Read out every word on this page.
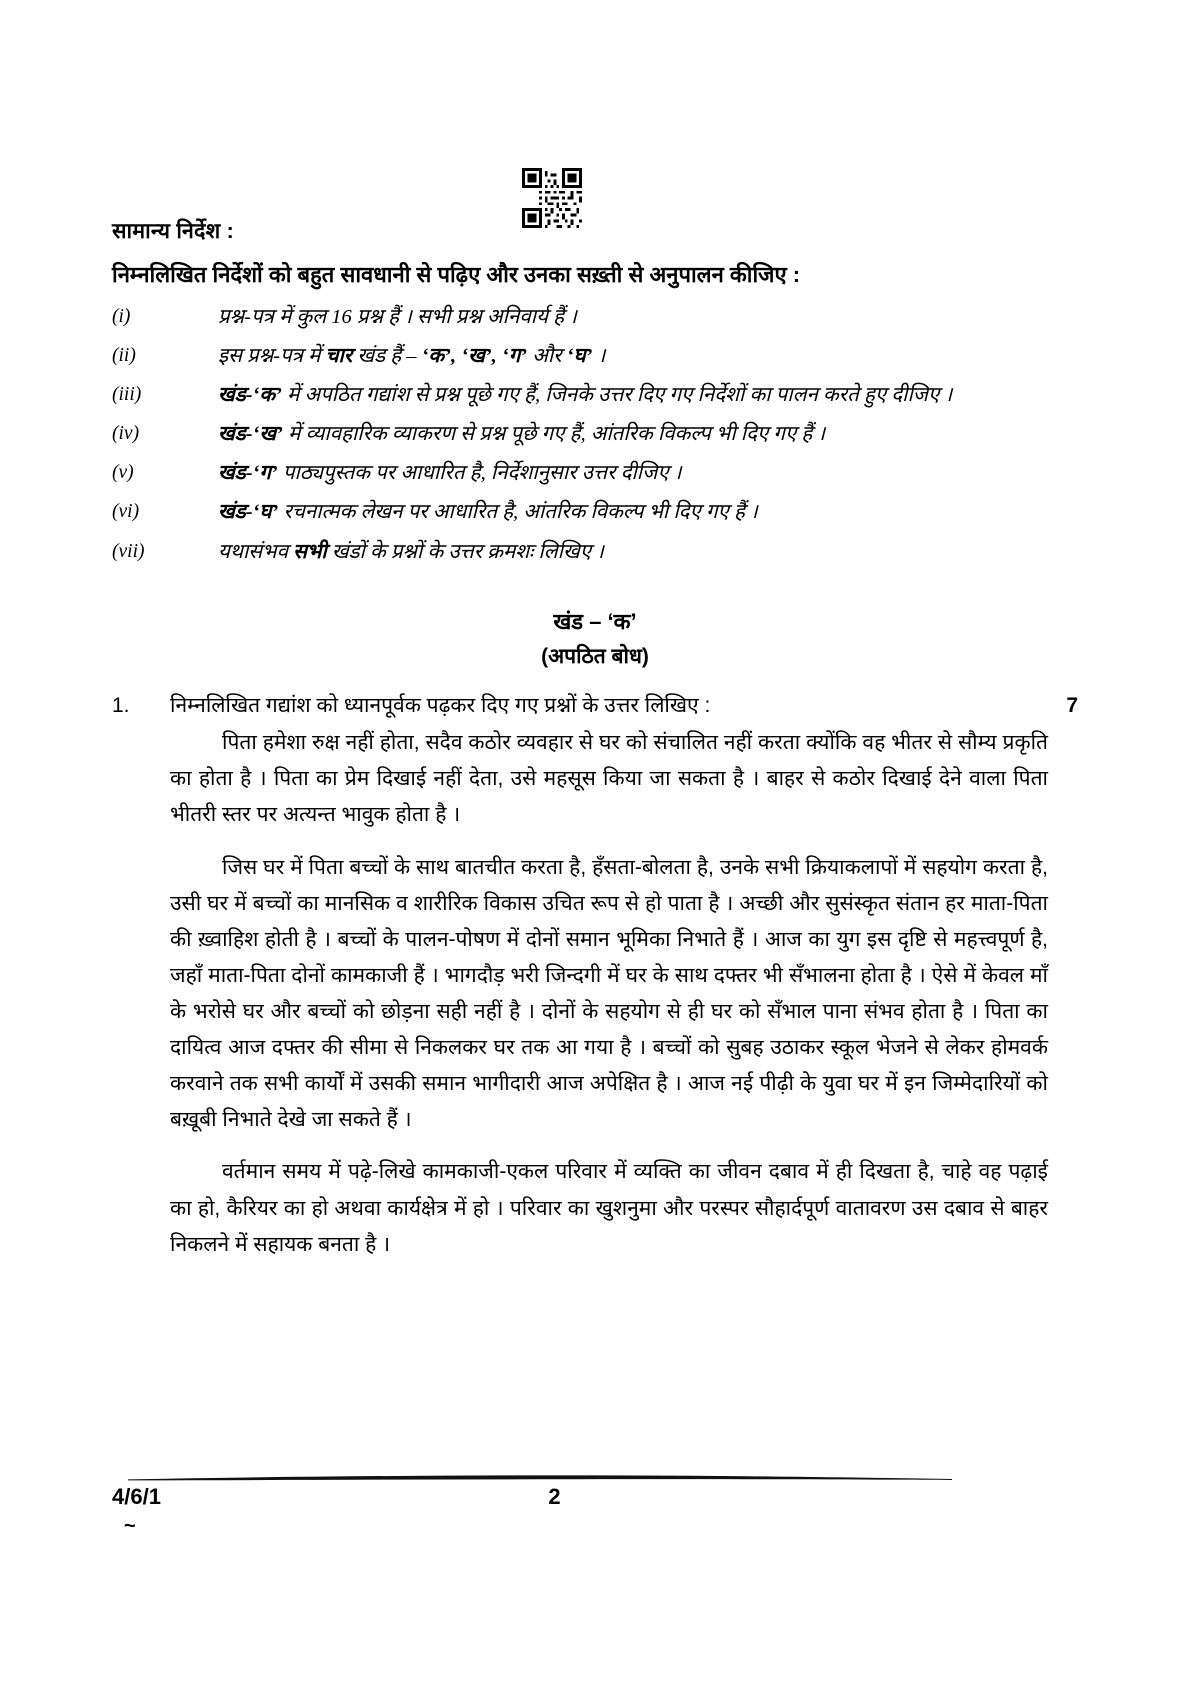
सामान्य निर्देश :
निम्नलिखित निर्देशों को बहुत सावधानी से पढ़िए और उनका सख़्ती से अनुपालन कीजिए :
(i)	प्रश्न-पत्र में कुल 16 प्रश्न हैं । सभी प्रश्न अनिवार्य हैं ।
(ii)	इस प्रश्न-पत्र में चार खंड हैं – ‘क’, ‘ख’, ‘ग’ और ‘घ’ ।
(iii)	खंड-‘क’ में अपठित गद्यांश से प्रश्न पूछे गए हैं, जिनके उत्तर दिए गए निर्देशों का पालन करते हुए दीजिए ।
(iv)	खंड-‘ख’ में व्यावहारिक व्याकरण से प्रश्न पूछे गए हैं, आंतरिक विकल्प भी दिए गए हैं ।
(v)	खंड-‘ग’ पाठ्यपुस्तक पर आधारित है, निर्देशानुसार उत्तर दीजिए ।
(vi)	खंड-‘घ’ रचनात्मक लेखन पर आधारित है, आंतरिक विकल्प भी दिए गए हैं ।
(vii)	यथासंभव सभी खंडों के प्रश्नों के उत्तर क्रमशः लिखिए ।
खंड – ‘क’
(अपठित बोध)
1.	निम्नलिखित गद्यांश को ध्यानपूर्वक पढ़कर दिए गए प्रश्नों के उत्तर लिखिए :	7

पिता हमेशा रुक्ष नहीं होता, सदैव कठोर व्यवहार से घर को संचालित नहीं करता क्योंकि वह भीतर से सौम्य प्रकृति का होता है । पिता का प्रेम दिखाई नहीं देता, उसे महसूस किया जा सकता है । बाहर से कठोर दिखाई देने वाला पिता भीतरी स्तर पर अत्यन्त भावुक होता है ।

जिस घर में पिता बच्चों के साथ बातचीत करता है, हँसता-बोलता है, उनके सभी क्रियाकलापों में सहयोग करता है, उसी घर में बच्चों का मानसिक व शारीरिक विकास उचित रूप से हो पाता है । अच्छी और सुसंस्कृत संतान हर माता-पिता की ख़्वाहिश होती है । बच्चों के पालन-पोषण में दोनों समान भूमिका निभाते हैं । आज का युग इस दृष्टि से महत्त्वपूर्ण है, जहाँ माता-पिता दोनों कामकाजी हैं । भागदौड़ भरी जिन्दगी में घर के साथ दफ्तर भी सँभालना होता है । ऐसे में केवल माँ के भरोसे घर और बच्चों को छोड़ना सही नहीं है । दोनों के सहयोग से ही घर को सँभाल पाना संभव होता है । पिता का दायित्व आज दफ्तर की सीमा से निकलकर घर तक आ गया है । बच्चों को सुबह उठाकर स्कूल भेजने से लेकर होमवर्क करवाने तक सभी कार्यों में उसकी समान भागीदारी आज अपेक्षित है । आज नई पीढ़ी के युवा घर में इन जिम्मेदारियों को बख़ूबी निभाते देखे जा सकते हैं ।

वर्तमान समय में पढ़े-लिखे कामकाजी-एकल परिवार में व्यक्ति का जीवन दबाव में ही दिखता है, चाहे वह पढ़ाई का हो, कैरियर का हो अथवा कार्यक्षेत्र में हो । परिवार का खुशनुमा और परस्पर सौहार्दपूर्ण वातावरण उस दबाव से बाहर निकलने में सहायक बनता है ।

4/6/1	2
~
